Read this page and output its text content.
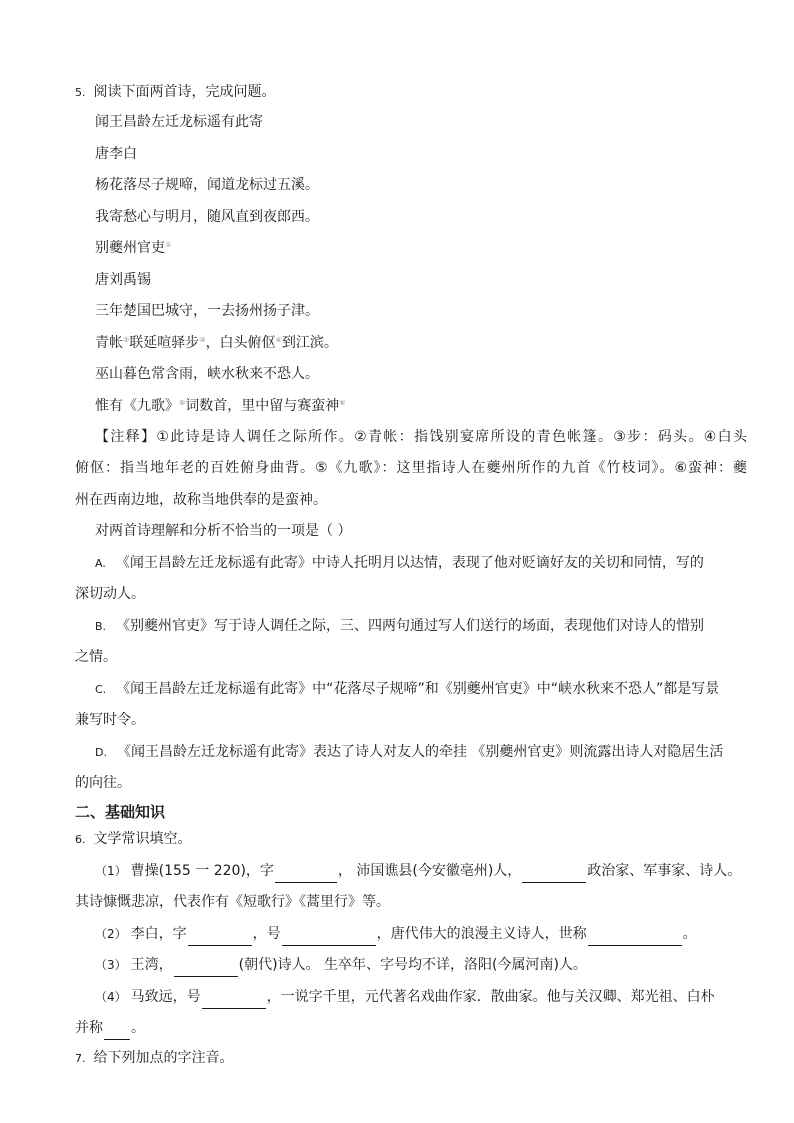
5. 阅读下面两首诗，完成问题。
闻王昌龄左迁龙标遥有此寄
唐李白
杨花落尽子规啼，闻道龙标过五溪。
我寄愁心与明月，随风直到夜郎西。
别夔州官吏①
唐刘禹锡
三年楚国巴城守，一去扬州扬子津。
青帐②联延喧驿步③，白头俯伛④到江滨。
巫山暮色常含雨，峡水秋来不恐人。
惟有《九歌》⑤词数首，里中留与赛蛮神⑥
【注释】①此诗是诗人调任之际所作。②青帐：指饯别宴席所设的青色帐篷。③步：码头。④白头
俯伛：指当地年老的百姓俯身曲背。⑤《九歌》：这里指诗人在夔州所作的九首《竹枝词》。⑥蛮神：夔
州在西南边地，故称当地供奉的是蛮神。
对两首诗理解和分析不恰当的一项是（ ）
A. 《闻王昌龄左迁龙标遥有此寄》中诗人托明月以达情，表现了他对贬谪好友的关切和同情，写的
深切动人。
B. 《别夔州官吏》写于诗人调任之际，三、四两句通过写人们送行的场面，表现他们对诗人的惜别
之情。
C. 《闻王昌龄左迁龙标遥有此寄》中“花落尽子规啼”和《别夔州官吏》中“峡水秋来不恐人”都是写景
兼写时令。
D. 《闻王昌龄左迁龙标遥有此寄》表达了诗人对友人的牵挂 《别夔州官吏》则流露出诗人对隐居生活
的向往。
二、基础知识
6. 文学常识填空。
（1） 曹操(155 一 220)，字	， 沛国谯县(今安徽亳州)人，	政治家、军事家、诗人。
其诗慷慨悲凉，代表作有《短歌行》《蒿里行》等。
（2） 李白，字	，号	，唐代伟大的浪漫主义诗人，世称	。
（3） 王湾，	(朝代)诗人。 生卒年、字号均不详，洛阳(今属河南)人。
（4） 马致远，号	，一说字千里，元代著名戏曲作家．散曲家。他与关汉卿、郑光祖、白朴
并称 。
7. 给下列加点的字注音。
